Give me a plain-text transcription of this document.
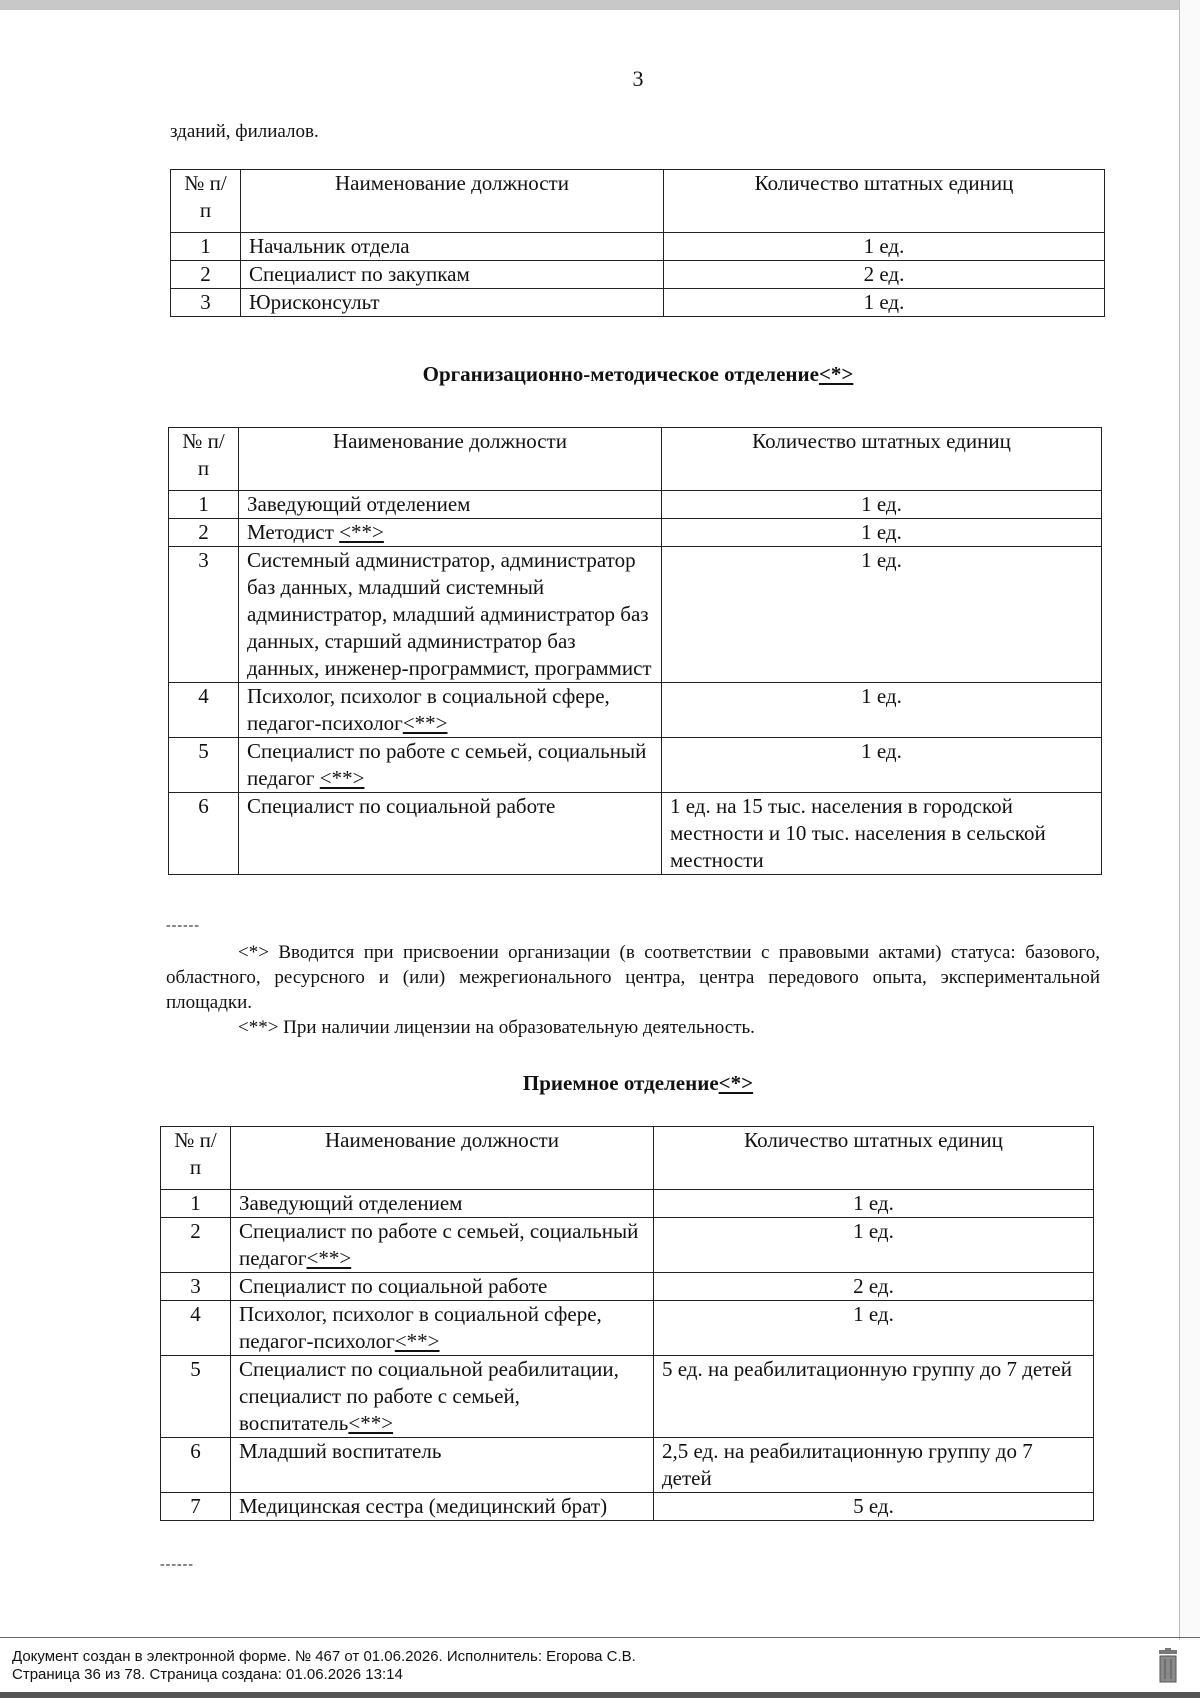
3
зданий, филиалов.
№ п/п	Наименование должности	Количество штатных единиц
1	Начальник отдела	1 ед.
2	Специалист по закупкам	2 ед.
3	Юрисконсульт	1 ед.
Организационно-методическое отделение<*>
№ п/п	Наименование должности	Количество штатных единиц
1	Заведующий отделением	1 ед.
2	Методист <**>	1 ед.
3	Системный администратор, администратор баз данных, младший системный администратор, младший администратор баз данных, старший администратор баз данных, инженер-программист, программист	1 ед.
4	Психолог, психолог в социальной сфере, педагог-психолог<**>	1 ед.
5	Специалист по работе с семьей, социальный педагог <**>	1 ед.
6	Специалист по социальной работе	1 ед. на 15 тыс. населения в городской местности и 10 тыс. населения в сельской местности
------

<*> Вводится при присвоении организации (в соответствии с правовыми актами) статуса: базового, областного, ресурсного и (или) межрегионального центра, центра передового опыта, экспериментальной площадки.

<**> При наличии лицензии на образовательную деятельность.

Приемное отделение<*>
№ п/п	Наименование должности	Количество штатных единиц
1	Заведующий отделением	1 ед.
2	Специалист по работе с семьей, социальный педагог<**>	1 ед.
3	Специалист по социальной работе	2 ед.
4	Психолог, психолог в социальной сфере, педагог-психолог<**>	1 ед.
5	Специалист по социальной реабилитации, специалист по работе с семьей, воспитатель<**>	5 ед. на реабилитационную группу до 7 детей
6	Младший воспитатель	2,5 ед. на реабилитационную группу до 7 детей
7	Медицинская сестра (медицинский брат)	5 ед.
------
Документ создан в электронной форме. № 467 от 01.06.2026. Исполнитель: Егорова С.В.
Страница 36 из 78. Страница создана: 01.06.2026 13:14
